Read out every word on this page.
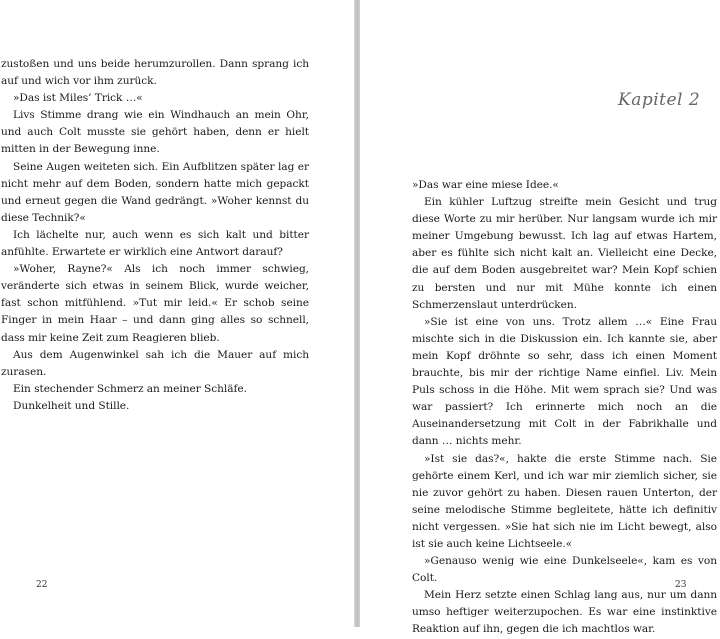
zustoßen und uns beide herumzurollen. Dann sprang ich auf und wich vor ihm zurück.

»Das ist Miles’ Trick …«

Livs Stimme drang wie ein Windhauch an mein Ohr, und auch Colt musste sie gehört haben, denn er hielt mitten in der Bewegung inne.

Seine Augen weiteten sich. Ein Aufblitzen später lag er nicht mehr auf dem Boden, sondern hatte mich gepackt und erneut gegen die Wand gedrängt. »Woher kennst du diese Technik?«

Ich lächelte nur, auch wenn es sich kalt und bitter anfühlte. Erwartete er wirklich eine Antwort darauf?

»Woher, Rayne?« Als ich noch immer schwieg, veränderte sich etwas in seinem Blick, wurde weicher, fast schon mitfühlend. »Tut mir leid.« Er schob seine Finger in mein Haar – und dann ging alles so schnell, dass mir keine Zeit zum Reagieren blieb.

Aus dem Augenwinkel sah ich die Mauer auf mich zurasen.

Ein stechender Schmerz an meiner Schläfe.

Dunkelheit und Stille.

22
Kapitel 2

»Das war eine miese Idee.«

Ein kühler Luftzug streifte mein Gesicht und trug diese Worte zu mir herüber. Nur langsam wurde ich mir meiner Umgebung bewusst. Ich lag auf etwas Hartem, aber es fühlte sich nicht kalt an. Vielleicht eine Decke, die auf dem Boden ausgebreitet war? Mein Kopf schien zu bersten und nur mit Mühe konnte ich einen Schmerzenslaut unterdrücken.

»Sie ist eine von uns. Trotz allem …« Eine Frau mischte sich in die Diskussion ein. Ich kannte sie, aber mein Kopf dröhnte so sehr, dass ich einen Moment brauchte, bis mir der richtige Name einfiel. Liv. Mein Puls schoss in die Höhe. Mit wem sprach sie? Und was war passiert? Ich erinnerte mich noch an die Auseinandersetzung mit Colt in der Fabrikhalle und dann … nichts mehr.

»Ist sie das?«, hakte die erste Stimme nach. Sie gehörte einem Kerl, und ich war mir ziemlich sicher, sie nie zuvor gehört zu haben. Diesen rauen Unterton, der seine melodische Stimme begleitete, hätte ich definitiv nicht vergessen. »Sie hat sich nie im Licht bewegt, also ist sie auch keine Lichtseele.«

»Genauso wenig wie eine Dunkelseele«, kam es von Colt.

Mein Herz setzte einen Schlag lang aus, nur um dann umso heftiger weiterzupochen. Es war eine instinktive Reaktion auf ihn, gegen die ich machtlos war.

23
